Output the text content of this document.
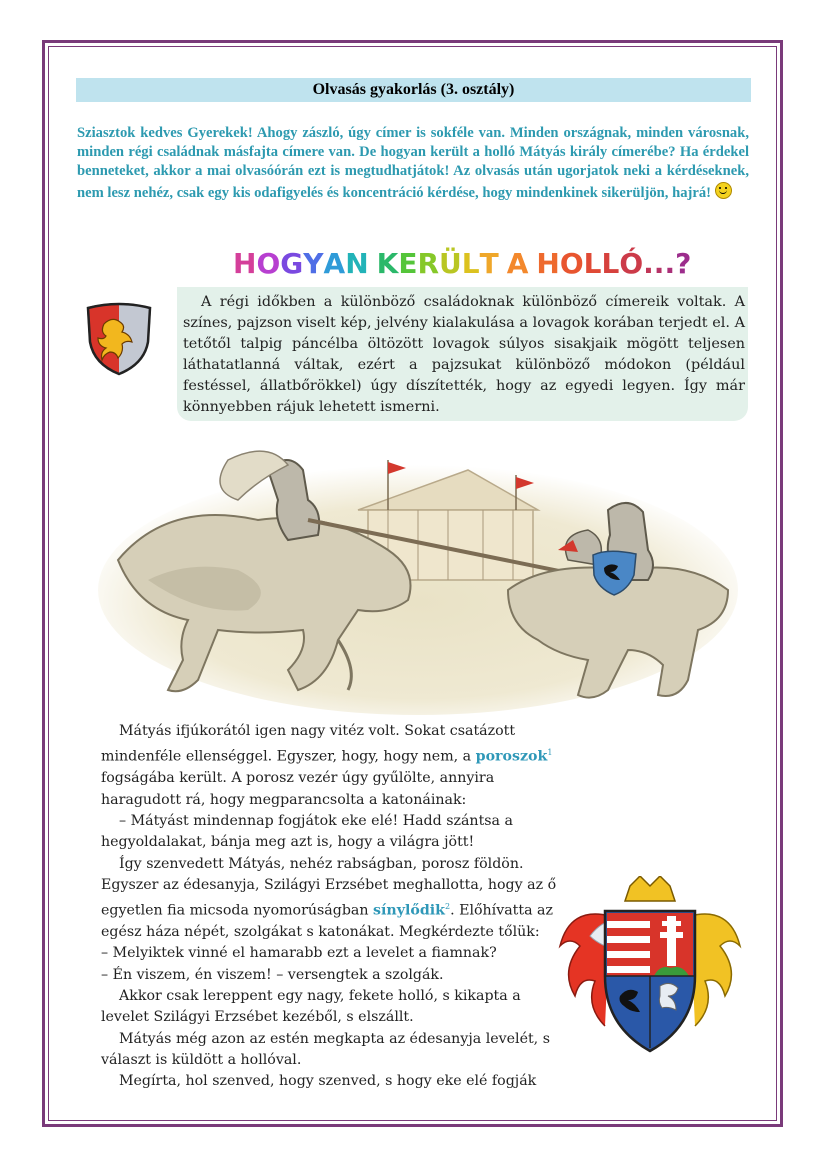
Olvasás gyakorlás (3. osztály)
Sziasztok kedves Gyerekek! Ahogy zászló, úgy címer is sokféle van. Minden országnak, minden városnak, minden régi családnak másfajta címere van. De hogyan került a holló Mátyás király címerébe? Ha érdekel benneteket, akkor a mai olvasóórán ezt is megtudhatjátok! Az olvasás után ugorjatok neki a kérdéseknek, nem lesz nehéz, csak egy kis odafigyelés és koncentráció kérdése, hogy mindenkinek sikerüljön, hajrá!
HOGYAN KERÜLT A HOLLÓ...?
A régi időkben a különböző családoknak különböző címereik voltak. A színes, pajzson viselt kép, jelvény kialakulása a lovagok korában terjedt el. A tetőtől talpig páncélba öltözött lovagok súlyos sisakjaik mögött teljesen láthatatlanná váltak, ezért a pajzsukat különböző módokon (például festéssel, állatbőrökkel) úgy díszítették, hogy az egyedi legyen. Így már könnyebben rájuk lehetett ismerni.

Mátyás ifjúkorától igen nagy vitéz volt. Sokat csatázott mindenféle ellenséggel. Egyszer, hogy, hogy nem, a poroszok$^1$ fogságába került. A porosz vezér úgy gyűlölte, annyira haragudott rá, hogy megparancsolta a katonáinak:

– Mátyást mindennap fogjátok eke elé! Hadd szántsa a hegyoldalakat, bánja meg azt is, hogy a világra jött!

Így szenvedett Mátyás, nehéz rabságban, porosz földön. Egyszer az édesanyja, Szilágyi Erzsébet meghallotta, hogy az ő egyetlen fia micsoda nyomorúságban sínylődik$^2$. Előhívatta az egész háza népét, szolgákat s katonákat. Megkérdezte tőlük:

– Melyiktek vinné el hamarabb ezt a levelet a fiamnak?

– Én viszem, én viszem! – versengtek a szolgák.

Akkor csak lereppent egy nagy, fekete holló, s kikapta a levelet Szilágyi Erzsébet kezéből, s elszállt.

Mátyás még azon az estén megkapta az édesanyja levelét, s választ is küldött a hollóval.

Megírta, hol szenved, hogy szenved, s hogy eke elé fogják
